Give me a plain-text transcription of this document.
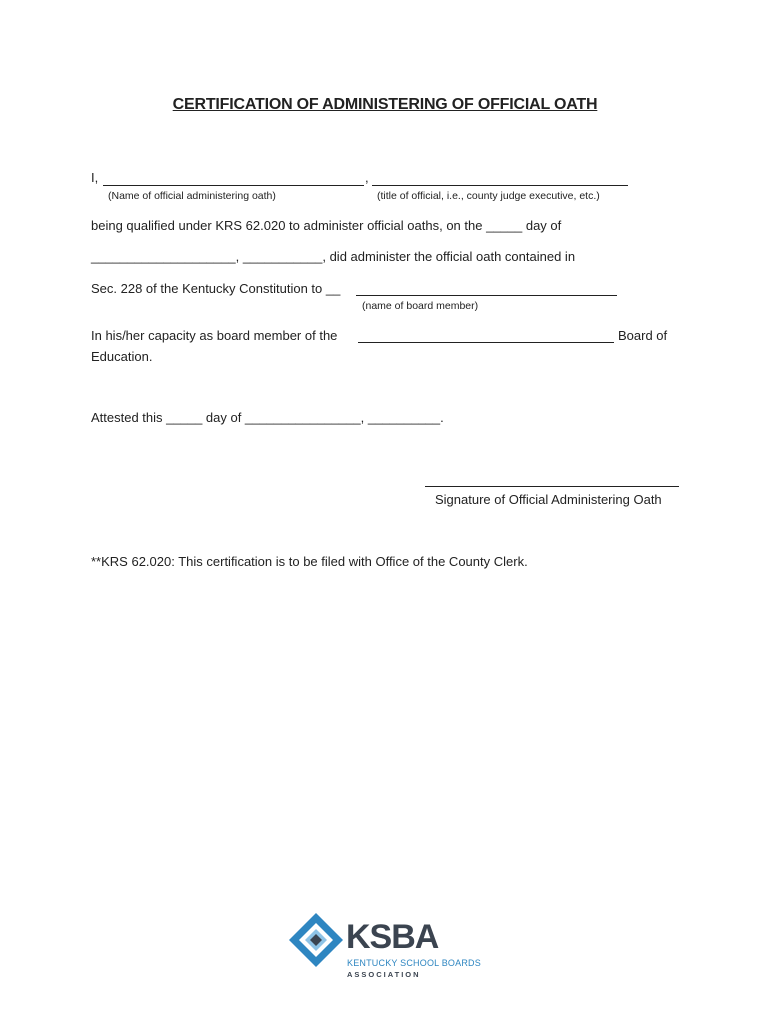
CERTIFICATION OF ADMINISTERING OF OFFICIAL OATH
I,	,
(Name of official administering oath)	(title of official, i.e., county judge executive, etc.)
being qualified under KRS 62.020 to administer official oaths, on the _____ day of
____________________, ___________, did administer the official oath contained in
Sec. 228 of the Kentucky Constitution to __
(name of board member)
In his/her capacity as board member of the	Board of
Education.
Attested this _____ day of ________________, __________.
Signature of Official Administering Oath
**KRS 62.020: This certification is to be filed with Office of the County Clerk.
KSBA
KENTUCKY SCHOOL BOARDS
ASSOCIATION
